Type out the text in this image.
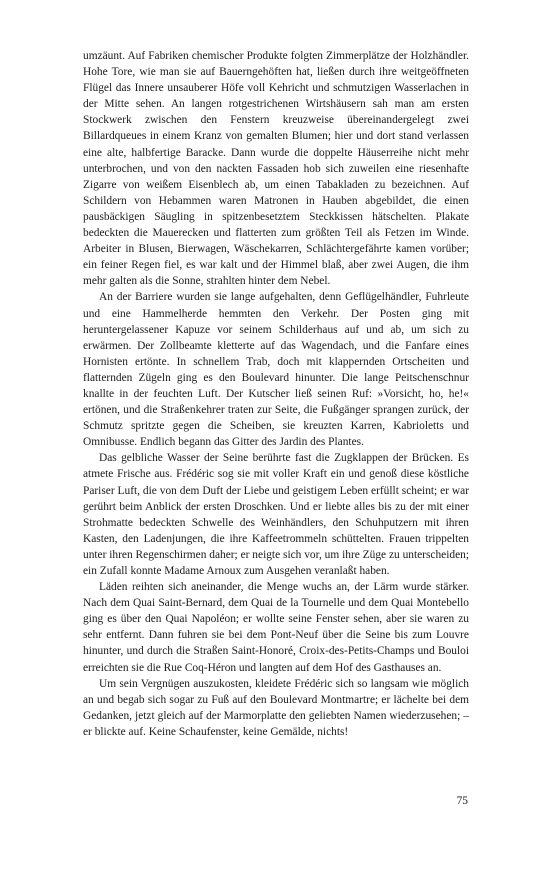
umzäunt. Auf Fabriken chemischer Produkte folgten Zimmerplätze der Holzhändler. Hohe Tore, wie man sie auf Bauerngehöften hat, ließen durch ihre weitgeöffneten Flügel das Innere unsauberer Höfe voll Kehricht und schmutzigen Wasserlachen in der Mitte sehen. An langen rotgestrichenen Wirtshäusern sah man am ersten Stockwerk zwischen den Fenstern kreuzweise übereinandergelegt zwei Billardqueues in einem Kranz von gemalten Blumen; hier und dort stand verlassen eine alte, halbfertige Baracke. Dann wurde die doppelte Häuserreihe nicht mehr unterbrochen, und von den nackten Fassaden hob sich zuweilen eine riesenhafte Zigarre von weißem Eisenblech ab, um einen Tabakladen zu bezeichnen. Auf Schildern von Hebammen waren Matronen in Hauben abgebildet, die einen pausbäckigen Säugling in spitzenbesetztem Steckkissen hätschelten. Plakate bedeckten die Mauerecken und flatterten zum größten Teil als Fetzen im Winde. Arbeiter in Blusen, Bierwagen, Wäschekarren, Schlächtergefährte kamen vorüber; ein feiner Regen fiel, es war kalt und der Himmel blaß, aber zwei Augen, die ihm mehr galten als die Sonne, strahlten hinter dem Nebel.

An der Barriere wurden sie lange aufgehalten, denn Geflügelhändler, Fuhrleute und eine Hammelherde hemmten den Verkehr. Der Posten ging mit heruntergelassener Kapuze vor seinem Schilderhaus auf und ab, um sich zu erwärmen. Der Zollbeamte kletterte auf das Wagendach, und die Fanfare eines Hornisten ertönte. In schnellem Trab, doch mit klappernden Ortscheiten und flatternden Zügeln ging es den Boulevard hinunter. Die lange Peitschenschnur knallte in der feuchten Luft. Der Kutscher ließ seinen Ruf: »Vorsicht, ho, he!« ertönen, und die Straßenkehrer traten zur Seite, die Fußgänger sprangen zurück, der Schmutz spritzte gegen die Scheiben, sie kreuzten Karren, Kabrioletts und Omnibusse. Endlich begann das Gitter des Jardin des Plantes.

Das gelbliche Wasser der Seine berührte fast die Zugklappen der Brücken. Es atmete Frische aus. Frédéric sog sie mit voller Kraft ein und genoß diese köstliche Pariser Luft, die von dem Duft der Liebe und geistigem Leben erfüllt scheint; er war gerührt beim Anblick der ersten Droschken. Und er liebte alles bis zu der mit einer Strohmatte bedeckten Schwelle des Weinhändlers, den Schuhputzern mit ihren Kasten, den Ladenjungen, die ihre Kaffeetrommeln schüttelten. Frauen trippelten unter ihren Regenschirmen daher; er neigte sich vor, um ihre Züge zu unterscheiden; ein Zufall konnte Madame Arnoux zum Ausgehen veranlaßt haben.

Läden reihten sich aneinander, die Menge wuchs an, der Lärm wurde stärker. Nach dem Quai Saint-Bernard, dem Quai de la Tournelle und dem Quai Montebello ging es über den Quai Napoléon; er wollte seine Fenster sehen, aber sie waren zu sehr entfernt. Dann fuhren sie bei dem Pont-Neuf über die Seine bis zum Louvre hinunter, und durch die Straßen Saint-Honoré, Croix-des-Petits-Champs und Bouloi erreichten sie die Rue Coq-Héron und langten auf dem Hof des Gasthauses an.

Um sein Vergnügen auszukosten, kleidete Frédéric sich so langsam wie möglich an und begab sich sogar zu Fuß auf den Boulevard Montmartre; er lächelte bei dem Gedanken, jetzt gleich auf der Marmorplatte den geliebten Namen wiederzusehen; – er blickte auf. Keine Schaufenster, keine Gemälde, nichts!

75
